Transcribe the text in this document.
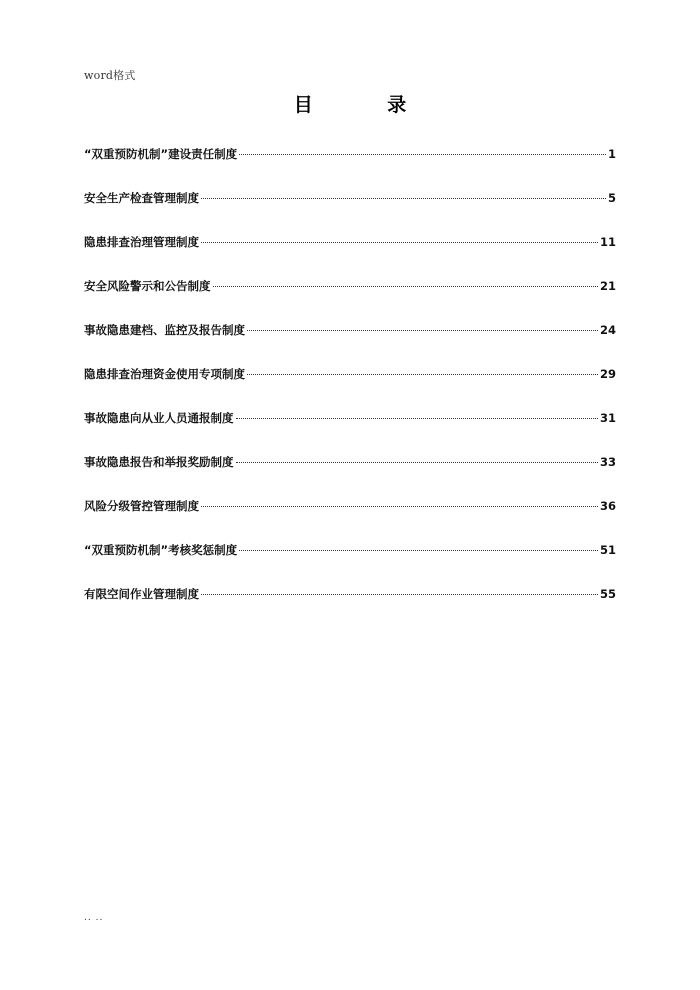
word格式
目 录
“双重预防机制”建设责任制度	1
安全生产检查管理制度	5
隐患排查治理管理制度	11
安全风险警示和公告制度	21
事故隐患建档、监控及报告制度	24
隐患排查治理资金使用专项制度	29
事故隐患向从业人员通报制度	31
事故隐患报告和举报奖励制度	33
风险分级管控管理制度	36
“双重预防机制”考核奖惩制度	51
有限空间作业管理制度	55
.. ..
